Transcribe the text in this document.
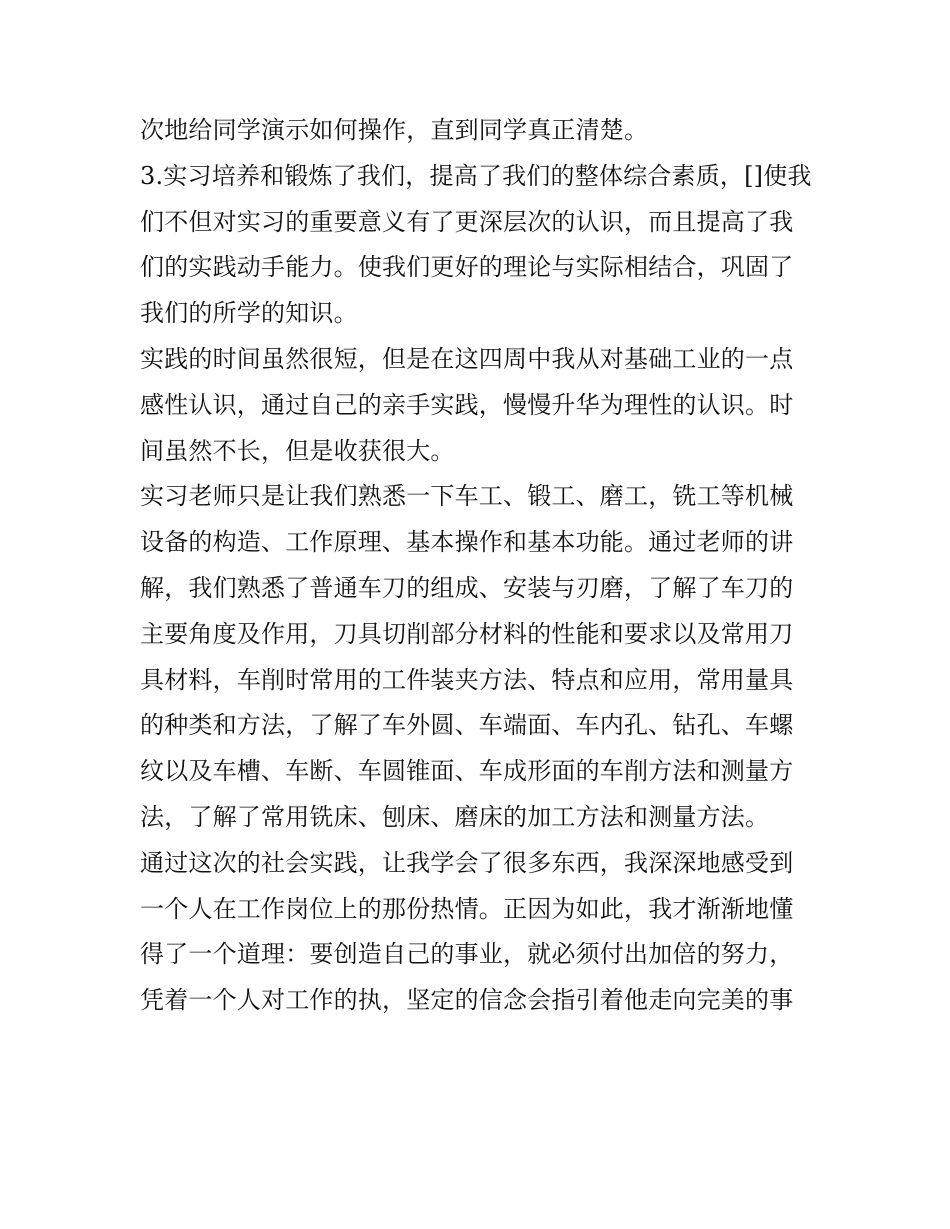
次地给同学演示如何操作，直到同学真正清楚。

3.实习培养和锻炼了我们，提高了我们的整体综合素质，[]使我们不但对实习的重要意义有了更深层次的认识，而且提高了我们的实践动手能力。使我们更好的理论与实际相结合，巩固了我们的所学的知识。

实践的时间虽然很短，但是在这四周中我从对基础工业的一点感性认识，通过自己的亲手实践，慢慢升华为理性的认识。时间虽然不长，但是收获很大。

实习老师只是让我们熟悉一下车工、锻工、磨工，铣工等机械设备的构造、工作原理、基本操作和基本功能。通过老师的讲解，我们熟悉了普通车刀的组成、安装与刃磨，了解了车刀的主要角度及作用，刀具切削部分材料的性能和要求以及常用刀具材料，车削时常用的工件装夹方法、特点和应用，常用量具的种类和方法，了解了车外圆、车端面、车内孔、钻孔、车螺纹以及车槽、车断、车圆锥面、车成形面的车削方法和测量方法，了解了常用铣床、刨床、磨床的加工方法和测量方法。

通过这次的社会实践，让我学会了很多东西，我深深地感受到一个人在工作岗位上的那份热情。正因为如此，我才渐渐地懂得了一个道理：要创造自己的事业，就必须付出加倍的努力，凭着一个人对工作的执，坚定的信念会指引着他走向完美的事
